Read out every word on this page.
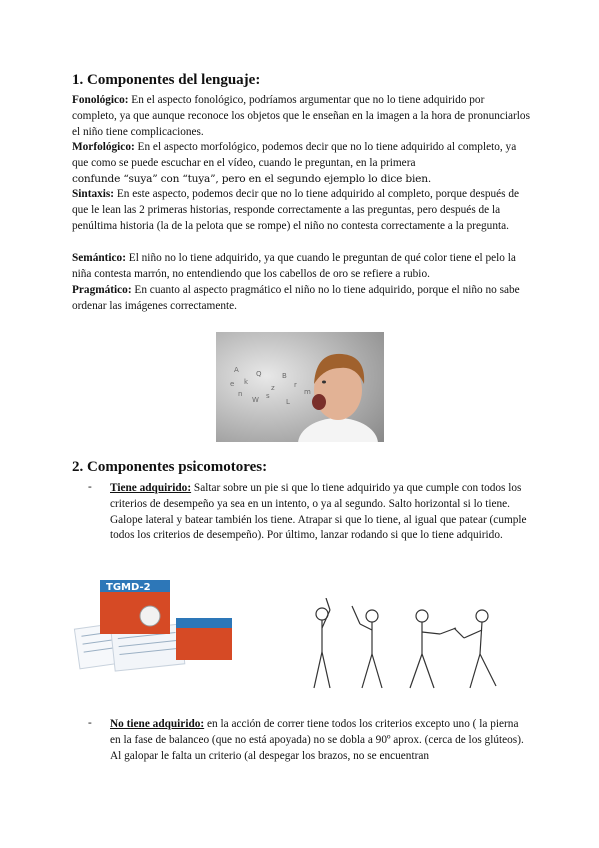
1. Componentes del lenguaje:

Fonológico: En el aspecto fonológico, podríamos argumentar que no lo tiene adquirido por completo, ya que aunque reconoce los objetos que le enseñan en la imagen a la hora de pronunciarlos el niño tiene complicaciones.

Morfológico: En el aspecto morfológico, podemos decir que no lo tiene adquirido al completo, ya que como se puede escuchar en el vídeo, cuando le preguntan, en la primera
confunde “suya” con “tuya”, pero en el segundo ejemplo lo dice bien.

Sintaxis: En este aspecto, podemos decir que no lo tiene adquirido al completo, porque después de que le lean las 2 primeras historias, responde correctamente a las preguntas, pero después de la penúltima historia (la de la pelota que se rompe) el niño no contesta correctamente a la pregunta.

Semántico: El niño no lo tiene adquirido, ya que cuando le preguntan de qué color tiene el pelo la niña contesta marrón, no entendiendo que los cabellos de oro se refiere a rubio.

Pragmático: En cuanto al aspecto pragmático el niño no lo tiene adquirido, porque el niño no sabe ordenar las imágenes correctamente.

A
k
Q
z
B
r
n
W s	m
L
e
2. Componentes psicomotores:
- Tiene adquirido: Saltar sobre un pie si que lo tiene adquirido ya que cumple con todos los criterios de desempeño ya sea en un intento, o ya al segundo. Salto horizontal si lo tiene. Galope lateral y batear también los tiene. Atrapar si que lo tiene, al igual que patear (cumple todos los criterios de desempeño). Por último, lanzar rodando si que lo tiene adquirido.

TGMD-2
- No tiene adquirido: en la acción de correr tiene todos los criterios excepto uno ( la pierna en la fase de balanceo (que no está apoyada) no se dobla a 90º aprox. (cerca de los glúteos). Al galopar le falta un criterio (al despegar los brazos, no se encuentran
